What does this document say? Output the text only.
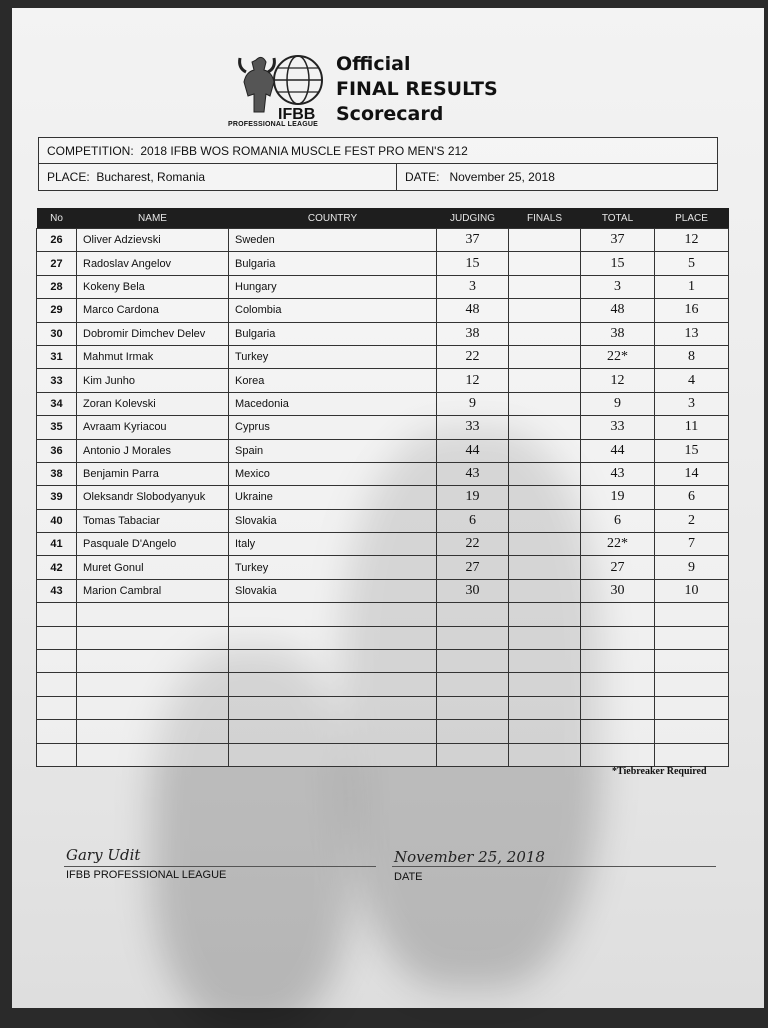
IFBB
PROFESSIONAL LEAGUE
Official
FINAL RESULTS
Scorecard
COMPETITION: 2018 IFBB WOS ROMANIA MUSCLE FEST PRO MEN'S 212
PLACE: Bucharest, Romania	DATE: November 25, 2018
No	NAME	COUNTRY	JUDGING	FINALS	TOTAL	PLACE
26	Oliver Adzievski	Sweden	37		37	12
27	Radoslav Angelov	Bulgaria	15		15	5
28	Kokeny Bela	Hungary	3		3	1
29	Marco Cardona	Colombia	48		48	16
30	Dobromir Dimchev Delev	Bulgaria	38		38	13
31	Mahmut Irmak	Turkey	22		22*	8
33	Kim Junho	Korea	12		12	4
34	Zoran Kolevski	Macedonia	9		9	3
35	Avraam Kyriacou	Cyprus	33		33	11
36	Antonio J Morales	Spain	44		44	15
38	Benjamin Parra	Mexico	43		43	14
39	Oleksandr Slobodyanyuk	Ukraine	19		19	6
40	Tomas Tabaciar	Slovakia	6		6	2
41	Pasquale D'Angelo	Italy	22		22*	7
42	Muret Gonul	Turkey	27		27	9
43	Marion Cambral	Slovakia	30		30	10

*Tiebreaker Required
Gary Udit
IFBB PROFESSIONAL LEAGUE
November 25, 2018
DATE
